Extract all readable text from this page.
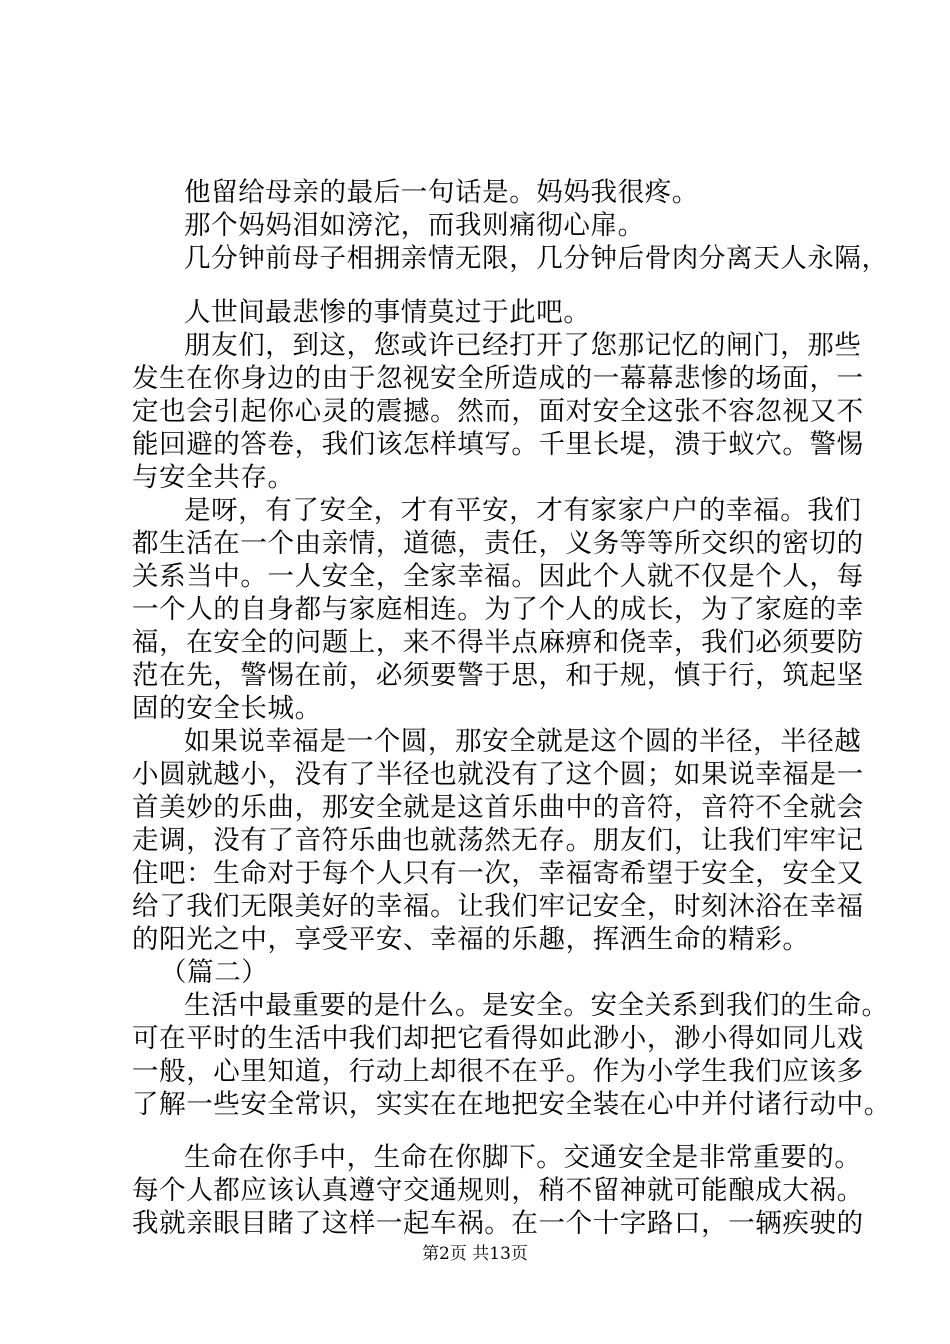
他留给母亲的最后一句话是。妈妈我很疼。
那个妈妈泪如滂沱，而我则痛彻心扉。
几分钟前母子相拥亲情无限，几分钟后骨肉分离天人永隔，
人世间最悲惨的事情莫过于此吧。
朋友们，到这，您或许已经打开了您那记忆的闸门，那些
发生在你身边的由于忽视安全所造成的一幕幕悲惨的场面，一
定也会引起你心灵的震撼。然而，面对安全这张不容忽视又不
能回避的答卷，我们该怎样填写。千里长堤，溃于蚁穴。警惕
与安全共存。
是呀，有了安全，才有平安，才有家家户户的幸福。我们
都生活在一个由亲情，道德，责任，义务等等所交织的密切的
关系当中。一人安全，全家幸福。因此个人就不仅是个人，每
一个人的自身都与家庭相连。为了个人的成长，为了家庭的幸
福，在安全的问题上，来不得半点麻痹和侥幸，我们必须要防
范在先，警惕在前，必须要警于思，和于规，慎于行，筑起坚
固的安全长城。
如果说幸福是一个圆，那安全就是这个圆的半径，半径越
小圆就越小，没有了半径也就没有了这个圆；如果说幸福是一
首美妙的乐曲，那安全就是这首乐曲中的音符，音符不全就会
走调，没有了音符乐曲也就荡然无存。朋友们，让我们牢牢记
住吧：生命对于每个人只有一次，幸福寄希望于安全，安全又
给了我们无限美好的幸福。让我们牢记安全，时刻沐浴在幸福
的阳光之中，享受平安、幸福的乐趣，挥洒生命的精彩。
（篇二）
生活中最重要的是什么。是安全。安全关系到我们的生命。
可在平时的生活中我们却把它看得如此渺小，渺小得如同儿戏
一般，心里知道，行动上却很不在乎。作为小学生我们应该多
了解一些安全常识，实实在在地把安全装在心中并付诸行动中。
生命在你手中，生命在你脚下。交通安全是非常重要的。
每个人都应该认真遵守交通规则，稍不留神就可能酿成大祸。
我就亲眼目睹了这样一起车祸。在一个十字路口，一辆疾驶的
第2页 共13页
